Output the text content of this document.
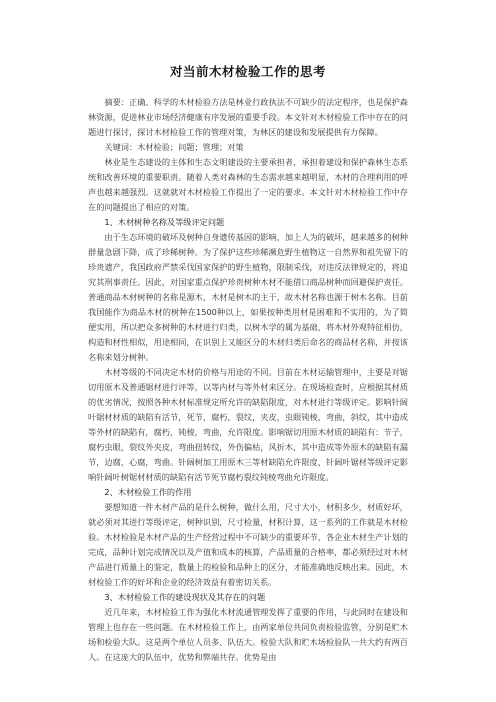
对当前木材检验工作的思考

摘要：正确、科学的木材检验方法是林业行政执法不可缺少的法定程序，也是保护森林资源，促进林业市场经济健康有序发展的重要手段。本文针对木材检验工作中存在的问题进行探讨，探讨木材检验工作的管理对策，为林区的建设和发展提供有力保障。

关键词：木材检验；问题；管理；对策

林业是生态建设的主体和生态文明建设的主要承担者，承担着建设和保护森林生态系统和改善环境的重要职责。随着人类对森林的生态需求越来越明显，木材的合理利用的呼声也越来越强烈。这就就对木材检验工作提出了一定的要求。本文针对木材检验工作中存在的问题提出了相应的对策。

1、木材树种名称及等级评定问题

由于生态环境的破坏及树种自身遗传基因的影响，加上人为的破坏，越来越多的树种群量急剧下降，成了珍稀树种。为了保护这些珍稀濒危野生植物这一自然界和祖先留下的珍贵遗产，我国政府严禁采伐国家保护的野生植物，限制采伐，对违反法律规定的，将追究其刑事责任。因此，对国家重点保护珍贵树种木材不能借口商品树种而回避保护责任。普通商品木材树种的名称是源木，木材是树木的主干，故木材名称也源于树木名称。目前我国能作为商品木材的树种在1500种以上，如果按种类用材是困难和不实用的，为了简便实用，所以把众多树种的木材进行归类，以树木学的属为基础，将木材外观特征相仿，构造和材性相似，用途相同，在识别上又能区分的木材归类后命名的商品材名称，并按该名称来划分树种。

木材等级的不同决定木材的价格与用途的不同。目前在木材运输管理中，主要是对锯切用原木及普通锯材进行评等，以等内材与等外材来区分。在现场检查时，应根据其材质的优劣情况，按照各种木材标准规定所允许的缺陷限度，对木材进行等级评定。影响针阔叶锯材材质的缺陷有活节，死节，腐朽，裂纹，夹皮，虫眼钝棱，弯曲，斜纹，其中造成等外材的缺陷有，腐朽，钝棱，弯曲，允许限度。影响锯切用原木材质的缺陷有：节子，腐朽虫眼，裂纹外夹皮，弯曲扭转纹，外伤偏枯，风折木，其中造成等外原木的缺陷有漏节，边腐，心腐，弯曲。针阔树加工用原木三等材缺陷允许限度，针阔叶锯材等级评定影响针阔叶树锯材材质的缺陷有活节死节腐朽裂纹钝棱弯曲允许限度。

2、木材检验工作的作用

要想知道一件木材产品的是什么树种，做什么用，尺寸大小，材积多少，材质好坏，就必须对其进行等级评定，树种识别，尺寸检量，材积计算，这一系列的工作就是木材检验。木材检验是木材产品的生产经营过程中不可缺少的重要环节，各企业木材生产计划的完成，品种计划完成情况以及产值和成本的核算，产品质量的合格率，都必须经过对木材产品进行质量上的鉴定，数量上的检验和品种上的区分，才能准确地反映出来。因此，木材检验工作的好坏和企业的经济效益有着密切关系。

3、木材检验工作的建设现状及其存在的问题

近几年来，木材检验工作为强化木材流通管理发挥了重要的作用，与此同时在建设和管理上也存在一些问题。在木材检验工作上，由两家单位共同负责检验监管，分别是贮木场和检验大队。这是两个单位人员多、队伍大。检验大队和贮木场检验队一共大约有两百人。在这庞大的队伍中，优势和弊端共存。优势是由
